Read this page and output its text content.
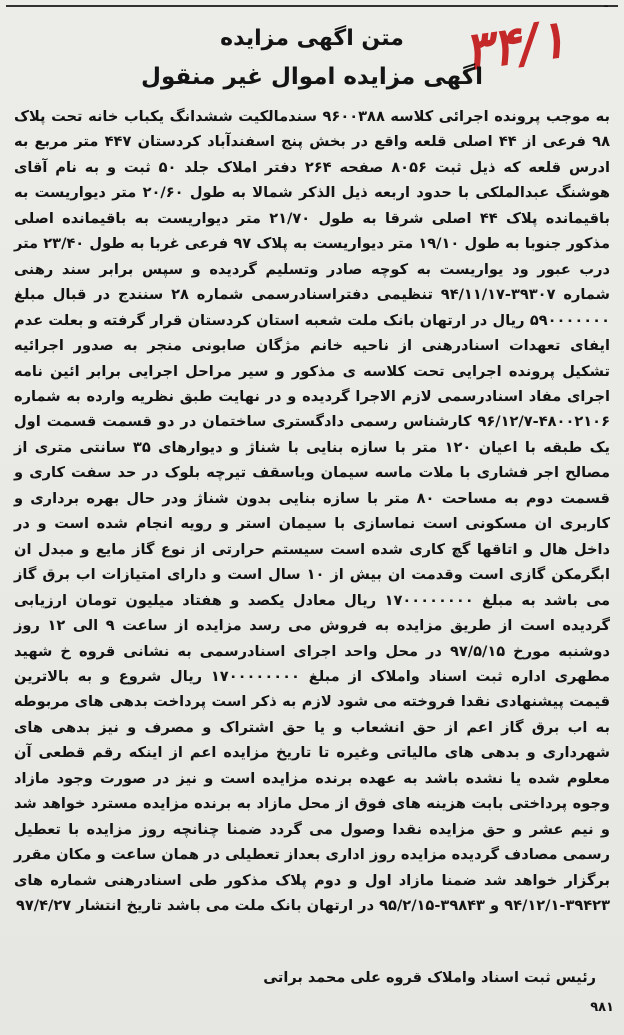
ـ
۳۴/۱
متن اگهی مزایده
اگهی مزایده اموال غیر منقول

به موجب پرونده اجرائی کلاسه ۹۶۰۰۳۸۸ سندمالکیت ششدانگ یکباب خانه تحت پلاک ۹۸ فرعی از ۴۴ اصلی قلعه واقع در بخش پنج اسفندآباد کردستان ۴۴۷ متر مربع به ادرس قلعه که ذیل ثبت ۸۰۵۶ صفحه ۲۶۴ دفتر املاک جلد ۵۰ ثبت و به نام آقای هوشنگ عبدالملکی با حدود اربعه ذیل الذکر شمالا به طول ۲۰/۶۰ متر دیواریست به باقیمانده پلاک ۴۴ اصلی شرقا به طول ۲۱/۷۰ متر دیواریست به باقیمانده اصلی مذکور جنوبا به طول ۱۹/۱۰ متر دیواریست به پلاک ۹۷ فرعی غربا به طول ۲۳/۴۰ متر درب عبور ود یواریست به کوچه صادر وتسلیم گردیده و سپس برابر سند رهنی شماره ۳۹۳۰۷-۹۴/۱۱/۱۷ تنظیمی دفتراسنادرسمی شماره ۲۸ سنندج در قبال مبلغ ۵۹۰۰۰۰۰۰۰ ریال در ارتهان بانک ملت شعبه استان کردستان قرار گرفته و بعلت عدم ایفای تعهدات اسنادرهنی از ناحیه خانم مژگان صابونی منجر به صدور اجرائیه تشکیل پرونده اجرایی تحت کلاسه ی مذکور و سیر مراحل اجرایی برابر ائین نامه اجرای مفاد اسنادرسمی لازم الاجرا گردیده و در نهایت طبق نظریه وارده به شماره ۴۸۰۰۲۱۰۶-۹۶/۱۲/۷ کارشناس رسمی دادگستری ساختمان در دو قسمت قسمت اول یک طبقه با اعیان ۱۲۰ متر با سازه بنایی با شناژ و دیوارهای ۳۵ سانتی متری از مصالح اجر فشاری با ملات ماسه سیمان وباسقف تیرچه بلوک در حد سفت کاری و قسمت دوم به مساحت ۸۰ متر با سازه بنایی بدون شناژ ودر حال بهره برداری و کاربری ان مسکونی است نماسازی با سیمان استر و رویه انجام شده است و در داخل هال و اتاقها گچ کاری شده است سیستم حرارتی از نوع گاز مایع و مبدل ان ابگرمکن گازی است وقدمت ان بیش از ۱۰ سال است و دارای امتیازات اب برق گاز می باشد به مبلغ ۱۷۰۰۰۰۰۰۰۰ ریال معادل یکصد و هفتاد میلیون تومان ارزیابی گردیده است از طریق مزایده به فروش می رسد مزایده از ساعت ۹ الی ۱۲ روز دوشنبه مورخ ۹۷/۵/۱۵ در محل واحد اجرای اسنادرسمی به نشانی قروه خ شهید مطهری اداره ثبت اسناد واملاک از مبلغ ۱۷۰۰۰۰۰۰۰۰ ریال شروع و به بالاترین قیمت پیشنهادی نقدا فروخته می شود لازم به ذکر است پرداخت بدهی های مربوطه به اب برق گاز اعم از حق انشعاب و یا حق اشتراک و مصرف و نیز بدهی های شهرداری و بدهی های مالیاتی وغیره تا تاریخ مزایده اعم از اینکه رقم قطعی آن معلوم شده یا نشده باشد به عهده برنده مزایده است و نیز در صورت وجود مازاد وجوه پرداختی بابت هزینه های فوق از محل مازاد به برنده مزایده مسترد خواهد شد و نیم عشر و حق مزایده نقدا وصول می گردد ضمنا چنانچه روز مزایده با تعطیل رسمی مصادف گردیده مزایده روز اداری بعداز تعطیلی در همان ساعت و مکان مقرر برگزار خواهد شد ضمنا مازاد اول و دوم پلاک مذکور طی اسنادرهنی شماره های ۳۹۴۲۳-۹۴/۱۲/۱ و ۳۹۸۴۳-۹۵/۲/۱۵ در ارتهان بانک ملت می باشد تاریخ انتشار ۹۷/۴/۲۷

رئیس ثبت اسناد واملاک قروه علی محمد براتی
۹۸۱
